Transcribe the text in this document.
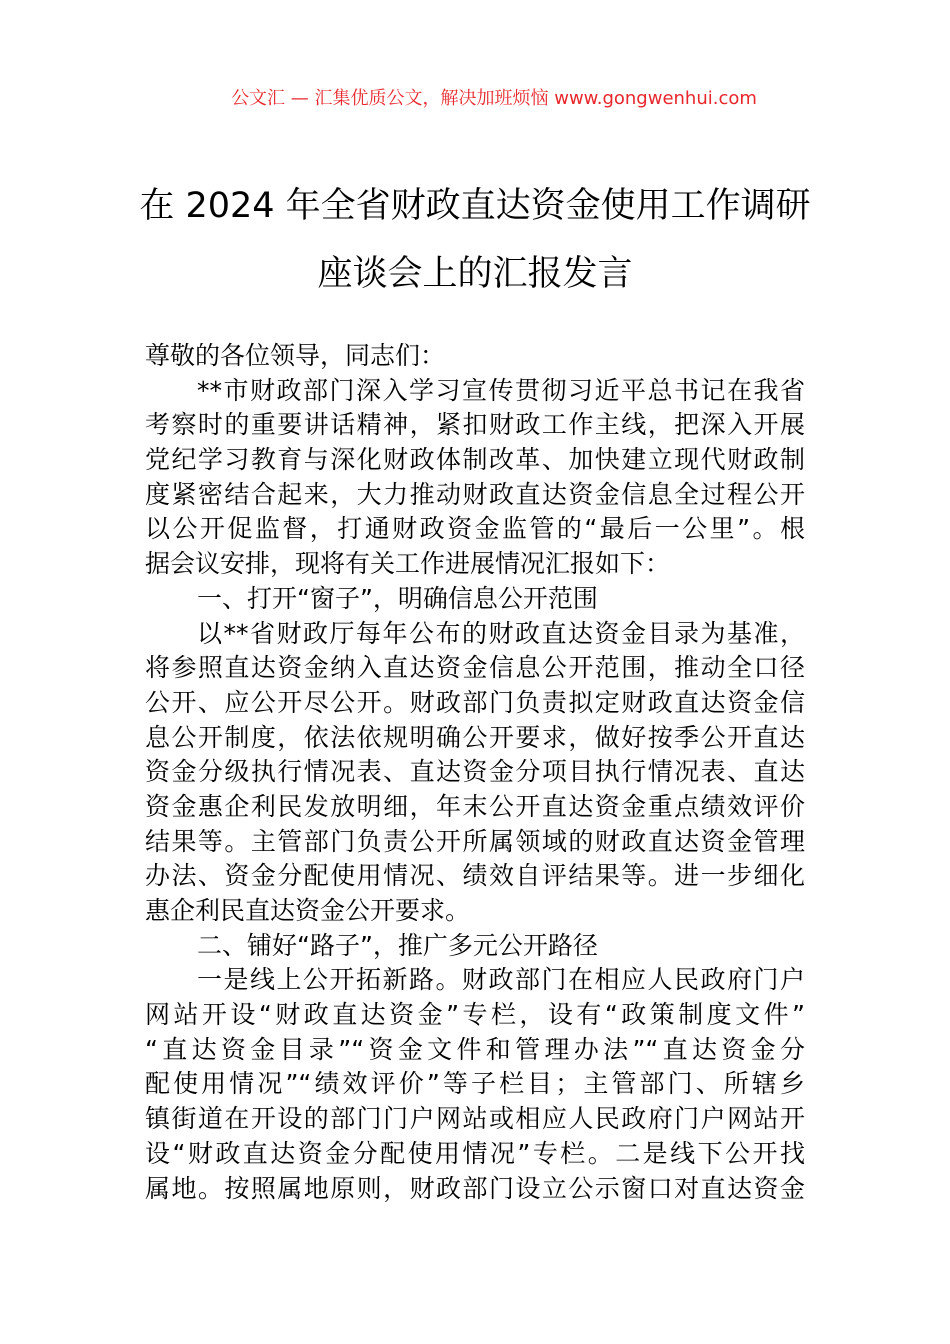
公文汇 — 汇集优质公文，解决加班烦恼 www.gongwenhui.com
在 2024 年全省财政直达资金使用工作调研
座谈会上的汇报发言
尊敬的各位领导，同志们：
**市财政部门深入学习宣传贯彻习近平总书记在我省
考察时的重要讲话精神，紧扣财政工作主线，把深入开展
党纪学习教育与深化财政体制改革、加快建立现代财政制
度紧密结合起来，大力推动财政直达资金信息全过程公开
以公开促监督，打通财政资金监管的“最后一公里”。根
据会议安排，现将有关工作进展情况汇报如下：
一、打开“窗子”，明确信息公开范围
以**省财政厅每年公布的财政直达资金目录为基准，
将参照直达资金纳入直达资金信息公开范围，推动全口径
公开、应公开尽公开。财政部门负责拟定财政直达资金信
息公开制度，依法依规明确公开要求，做好按季公开直达
资金分级执行情况表、直达资金分项目执行情况表、直达
资金惠企利民发放明细，年末公开直达资金重点绩效评价
结果等。主管部门负责公开所属领域的财政直达资金管理
办法、资金分配使用情况、绩效自评结果等。进一步细化
惠企利民直达资金公开要求。
二、铺好“路子”，推广多元公开路径
一是线上公开拓新路。财政部门在相应人民政府门户
网站开设“财政直达资金”专栏，设有“政策制度文件”
“直达资金目录”“资金文件和管理办法”“直达资金分
配使用情况”“绩效评价”等子栏目；主管部门、所辖乡
镇街道在开设的部门门户网站或相应人民政府门户网站开
设“财政直达资金分配使用情况”专栏。二是线下公开找
属地。按照属地原则，财政部门设立公示窗口对直达资金
